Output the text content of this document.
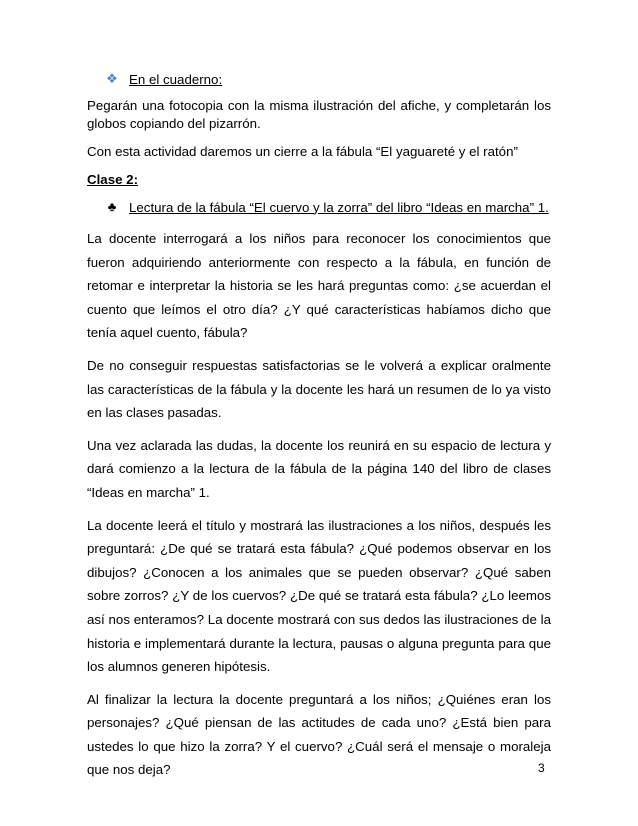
❖ En el cuaderno:

Pegarán una fotocopia con la misma ilustración del afiche, y completarán los globos copiando del pizarrón.

Con esta actividad daremos un cierre a la fábula “El yaguareté y el ratón”

Clase 2:
♣ Lectura de la fábula “El cuervo y la zorra” del libro “Ideas en marcha” 1.

La docente interrogará a los niños para reconocer los conocimientos que fueron adquiriendo anteriormente con respecto a la fábula, en función de retomar e interpretar la historia se les hará preguntas como: ¿se acuerdan el cuento que leímos el otro día? ¿Y qué características habíamos dicho que tenía aquel cuento, fábula?

De no conseguir respuestas satisfactorias se le volverá a explicar oralmente las características de la fábula y la docente les hará un resumen de lo ya visto en las clases pasadas.

Una vez aclarada las dudas, la docente los reunirá en su espacio de lectura y dará comienzo a la lectura de la fábula de la página 140 del libro de clases “Ideas en marcha” 1.

La docente leerá el título y mostrará las ilustraciones a los niños, después les preguntará: ¿De qué se tratará esta fábula? ¿Qué podemos observar en los dibujos? ¿Conocen a los animales que se pueden observar? ¿Qué saben sobre zorros? ¿Y de los cuervos? ¿De qué se tratará esta fábula? ¿Lo leemos así nos enteramos? La docente mostrará con sus dedos las ilustraciones de la historia e implementará durante la lectura, pausas o alguna pregunta para que los alumnos generen hipótesis.

Al finalizar la lectura la docente preguntará a los niños; ¿Quiénes eran los personajes? ¿Qué piensan de las actitudes de cada uno? ¿Está bien para ustedes lo que hizo la zorra? Y el cuervo? ¿Cuál será el mensaje o moraleja que nos deja?	3
